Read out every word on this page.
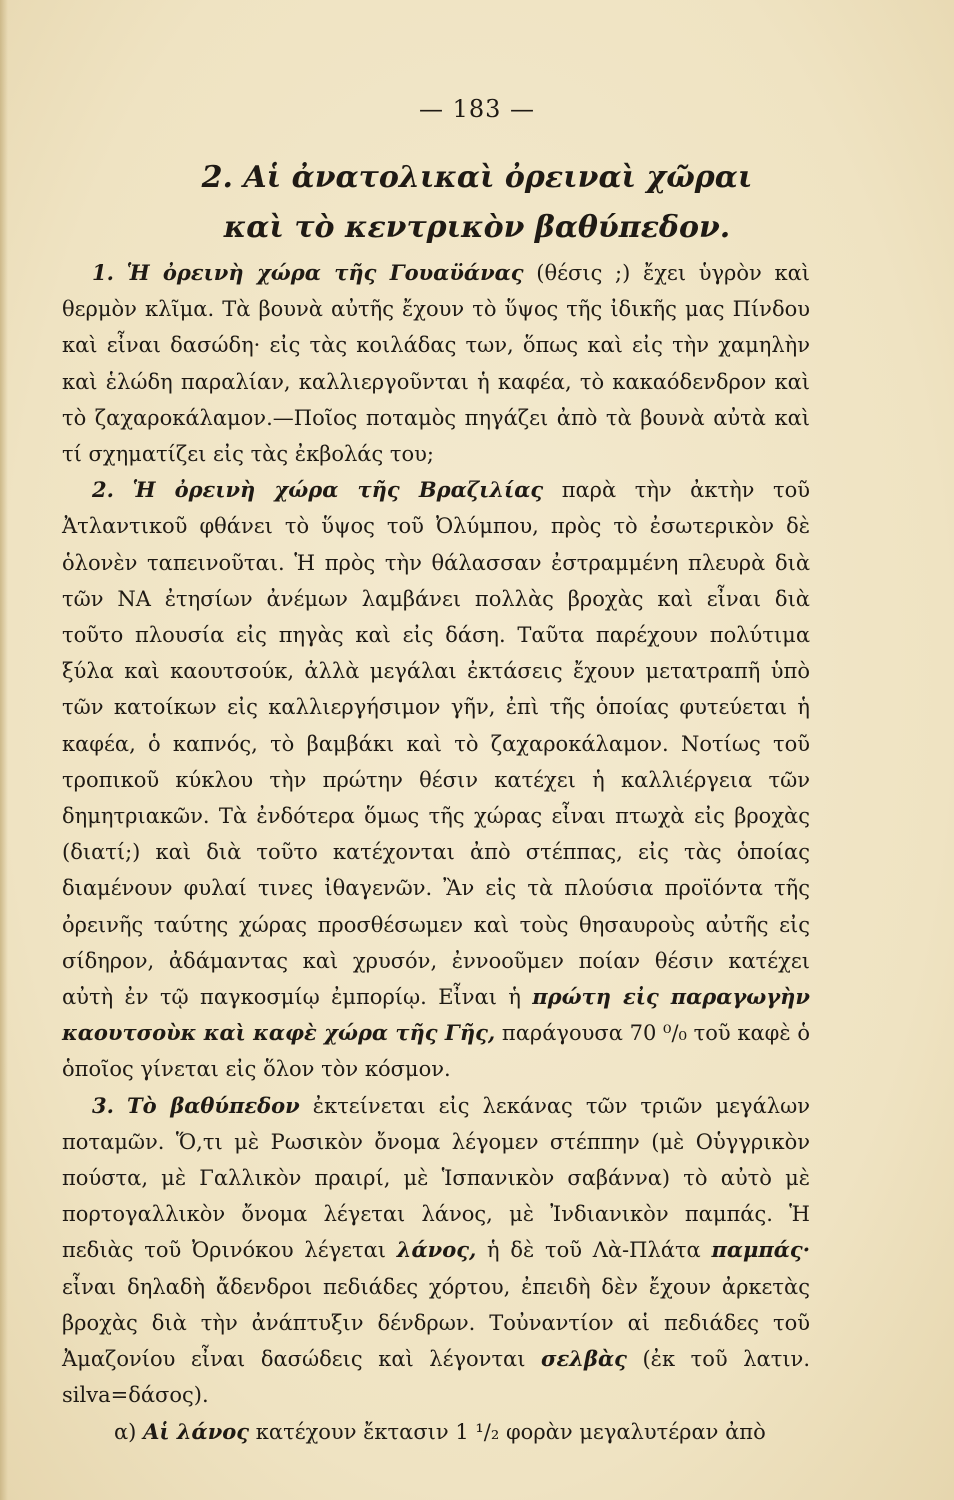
— 183 —
2. Αἱ ἀνατολικαὶ ὀρειναὶ χῶραι
καὶ τὸ κεντρικὸν βαθύπεδον.

1. Ἡ ὀρεινὴ χώρα τῆς Γουαϋάνας (θέσις ;) ἔχει ὑγρὸν καὶ θερμὸν κλῖμα. Τὰ βουνὰ αὐτῆς ἔχουν τὸ ὕψος τῆς ἰδικῆς μας Πίνδου καὶ εἶναι δασώδη· εἰς τὰς κοιλάδας των, ὅπως καὶ εἰς τὴν χαμηλὴν καὶ ἑλώδη παραλίαν, καλλιεργοῦνται ἡ καφέα, τὸ κακαόδενδρον καὶ τὸ ζαχαροκάλαμον.—Ποῖος ποταμὸς πηγάζει ἀπὸ τὰ βουνὰ αὐτὰ καὶ τί σχηματίζει εἰς τὰς ἐκβολάς του;

2. Ἡ ὀρεινὴ χώρα τῆς Βραζιλίας παρὰ τὴν ἀκτὴν τοῦ Ἀτλαντικοῦ φθάνει τὸ ὕψος τοῦ Ὀλύμπου, πρὸς τὸ ἐσωτερικὸν δὲ ὁλονὲν ταπεινοῦται. Ἡ πρὸς τὴν θάλασσαν ἐστραμμένη πλευρὰ διὰ τῶν ΝΑ ἐτησίων ἀνέμων λαμβάνει πολλὰς βροχὰς καὶ εἶναι διὰ τοῦτο πλουσία εἰς πηγὰς καὶ εἰς δάση. Ταῦτα παρέχουν πολύτιμα ξύλα καὶ καουτσούκ, ἀλλὰ μεγάλαι ἐκτάσεις ἔχουν μετατραπῆ ὑπὸ τῶν κατοίκων εἰς καλλιεργήσιμον γῆν, ἐπὶ τῆς ὁποίας φυτεύεται ἡ καφέα, ὁ καπνός, τὸ βαμβάκι καὶ τὸ ζαχαροκάλαμον. Νοτίως τοῦ τροπικοῦ κύκλου τὴν πρώτην θέσιν κατέχει ἡ καλλιέργεια τῶν δημητριακῶν. Τὰ ἐνδότερα ὅμως τῆς χώρας εἶναι πτωχὰ εἰς βροχὰς (διατί;) καὶ διὰ τοῦτο κατέχονται ἀπὸ στέππας, εἰς τὰς ὁποίας διαμένουν φυλαί τινες ἰθαγενῶν. Ἂν εἰς τὰ πλούσια προϊόντα τῆς ὀρεινῆς ταύτης χώρας προσθέσωμεν καὶ τοὺς θησαυροὺς αὐτῆς εἰς σίδηρον, ἀδάμαντας καὶ χρυσόν, ἐννοοῦμεν ποίαν θέσιν κατέχει αὐτὴ ἐν τῷ παγκοσμίῳ ἐμπορίῳ. Εἶναι ἡ πρώτη εἰς παραγωγὴν καουτσοὺκ καὶ καφὲ χώρα τῆς Γῆς, παράγουσα 70 ⁰/₀ τοῦ καφὲ ὁ ὁποῖος γίνεται εἰς ὅλον τὸν κόσμον.

3. Τὸ βαθύπεδον ἐκτείνεται εἰς λεκάνας τῶν τριῶν μεγάλων ποταμῶν. Ὅ,τι μὲ Ρωσικὸν ὄνομα λέγομεν στέππην (μὲ Οὑγγρικὸν πούστα, μὲ Γαλλικὸν πραιρί, μὲ Ἱσπανικὸν σαβάννα) τὸ αὐτὸ μὲ πορτογαλλικὸν ὄνομα λέγεται λάνος, μὲ Ἰνδιανικὸν παμπάς. Ἡ πεδιὰς τοῦ Ὀρινόκου λέγεται λάνος, ἡ δὲ τοῦ Λὰ-Πλάτα παμπάς· εἶναι δηλαδὴ ἄδενδροι πεδιάδες χόρτου, ἐπειδὴ δὲν ἔχουν ἀρκετὰς βροχὰς διὰ τὴν ἀνάπτυξιν δένδρων. Τοὐναντίον αἱ πεδιάδες τοῦ Ἀμαζονίου εἶναι δασώδεις καὶ λέγονται σελβὰς (ἐκ τοῦ λατιν. silva=δάσος).

α) Αἱ λάνος κατέχουν ἔκτασιν 1 ¹/₂ φορὰν μεγαλυτέραν ἀπὸ
